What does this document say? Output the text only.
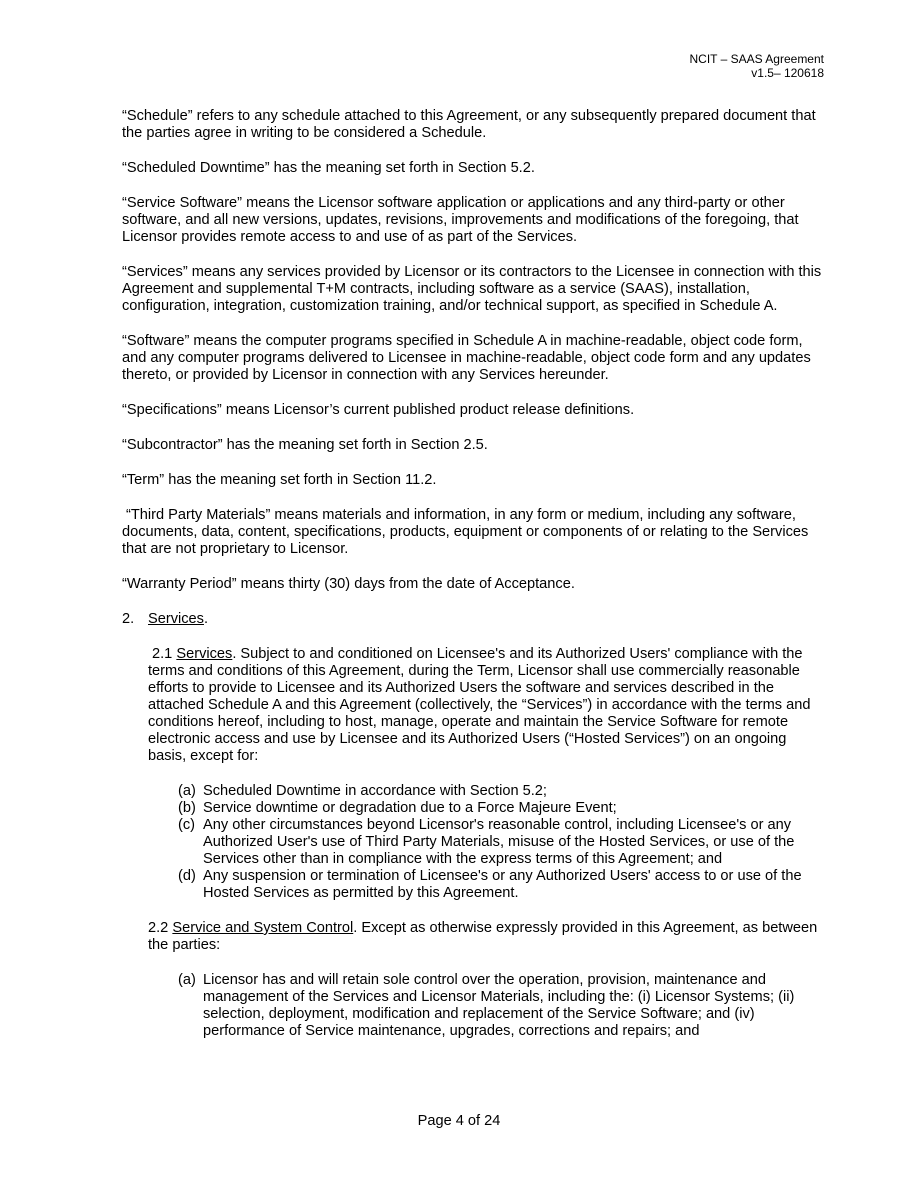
NCIT – SAAS Agreement
v1.5– 120618

“Schedule” refers to any schedule attached to this Agreement, or any subsequently prepared document that the parties agree in writing to be considered a Schedule.

“Scheduled Downtime” has the meaning set forth in Section 5.2.

“Service Software” means the Licensor software application or applications and any third-party or other software, and all new versions, updates, revisions, improvements and modifications of the foregoing, that Licensor provides remote access to and use of as part of the Services.

“Services” means any services provided by Licensor or its contractors to the Licensee in connection with this Agreement and supplemental T+M contracts, including software as a service (SAAS), installation, configuration, integration, customization training, and/or technical support, as specified in Schedule A.

“Software” means the computer programs specified in Schedule A in machine-readable, object code form, and any computer programs delivered to Licensee in machine-readable, object code form and any updates thereto, or provided by Licensor in connection with any Services hereunder.

“Specifications” means Licensor’s current published product release definitions.

“Subcontractor” has the meaning set forth in Section 2.5.

“Term” has the meaning set forth in Section 11.2.

“Third Party Materials” means materials and information, in any form or medium, including any software, documents, data, content, specifications, products, equipment or components of or relating to the Services that are not proprietary to Licensor.

“Warranty Period” means thirty (30) days from the date of Acceptance.

2. Services.

2.1 Services. Subject to and conditioned on Licensee's and its Authorized Users' compliance with the terms and conditions of this Agreement, during the Term, Licensor shall use commercially reasonable efforts to provide to Licensee and its Authorized Users the software and services described in the attached Schedule A and this Agreement (collectively, the “Services”) in accordance with the terms and conditions hereof, including to host, manage, operate and maintain the Service Software for remote electronic access and use by Licensee and its Authorized Users (“Hosted Services”) on an ongoing basis, except for:

(a) Scheduled Downtime in accordance with Section 5.2;
(b) Service downtime or degradation due to a Force Majeure Event;
(c) Any other circumstances beyond Licensor's reasonable control, including Licensee's or any Authorized User's use of Third Party Materials, misuse of the Hosted Services, or use of the Services other than in compliance with the express terms of this Agreement; and
(d) Any suspension or termination of Licensee's or any Authorized Users' access to or use of the Hosted Services as permitted by this Agreement.

2.2 Service and System Control. Except as otherwise expressly provided in this Agreement, as between the parties:

(a) Licensor has and will retain sole control over the operation, provision, maintenance and management of the Services and Licensor Materials, including the: (i) Licensor Systems; (ii) selection, deployment, modification and replacement of the Service Software; and (iv) performance of Service maintenance, upgrades, corrections and repairs; and
Page 4 of 24
